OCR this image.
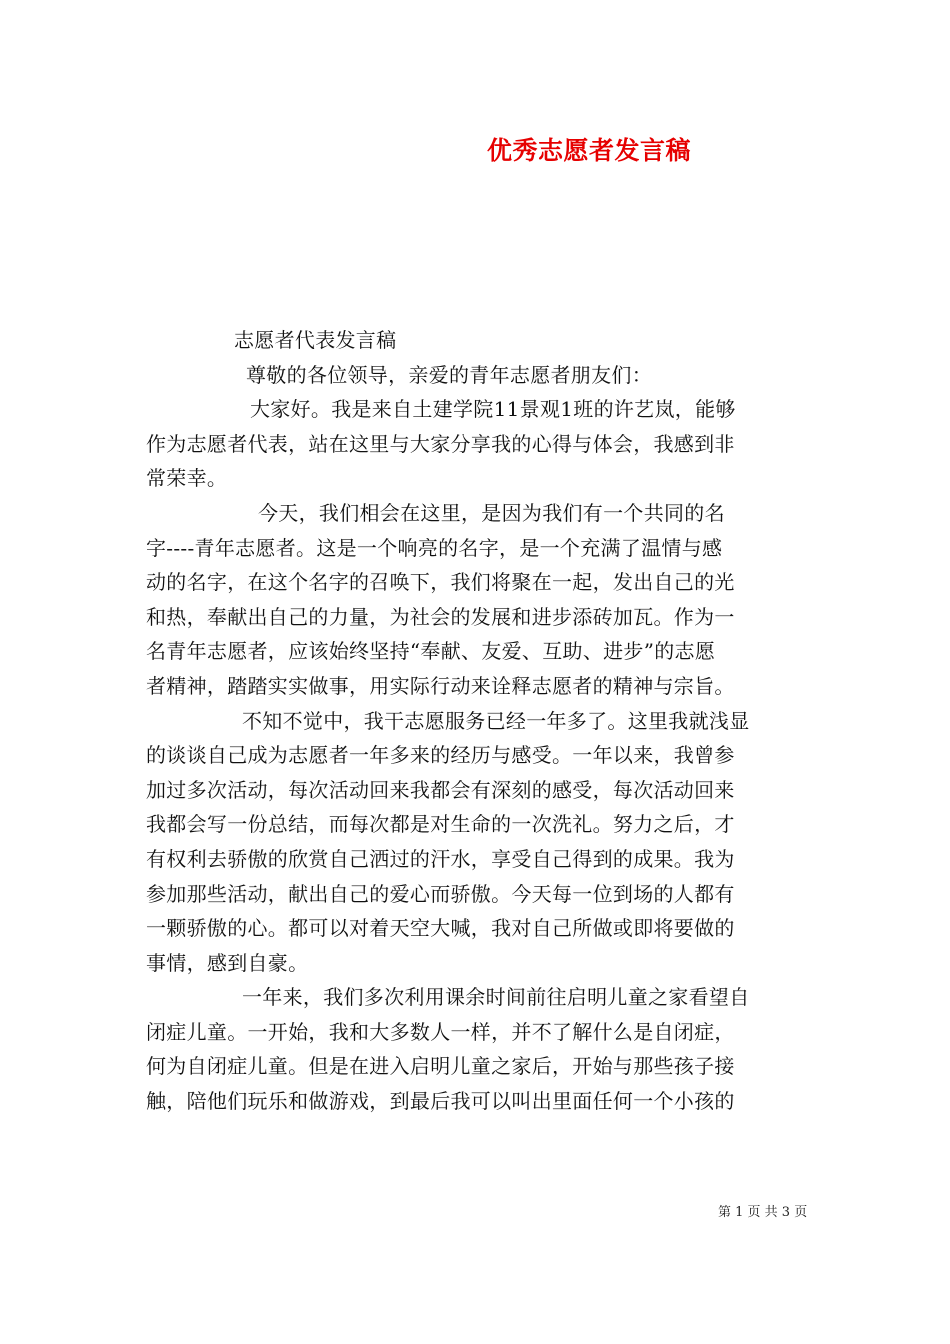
优秀志愿者发言稿
志愿者代表发言稿
尊敬的各位领导，亲爱的青年志愿者朋友们：
大家好。我是来自土建学院11景观1班的许艺岚，能够
作为志愿者代表，站在这里与大家分享我的心得与体会，我感到非
常荣幸。
今天，我们相会在这里，是因为我们有一个共同的名
字----青年志愿者。这是一个响亮的名字，是一个充满了温情与感
动的名字，在这个名字的召唤下，我们将聚在一起，发出自己的光
和热，奉献出自己的力量，为社会的发展和进步添砖加瓦。作为一
名青年志愿者，应该始终坚持“奉献、友爱、互助、进步”的志愿
者精神，踏踏实实做事，用实际行动来诠释志愿者的精神与宗旨。
不知不觉中，我干志愿服务已经一年多了。这里我就浅显
的谈谈自己成为志愿者一年多来的经历与感受。一年以来，我曾参
加过多次活动，每次活动回来我都会有深刻的感受，每次活动回来
我都会写一份总结，而每次都是对生命的一次洗礼。努力之后，才
有权利去骄傲的欣赏自己洒过的汗水，享受自己得到的成果。我为
参加那些活动，献出自己的爱心而骄傲。今天每一位到场的人都有
一颗骄傲的心。都可以对着天空大喊，我对自己所做或即将要做的
事情，感到自豪。
一年来，我们多次利用课余时间前往启明儿童之家看望自
闭症儿童。一开始，我和大多数人一样，并不了解什么是自闭症，
何为自闭症儿童。但是在进入启明儿童之家后，开始与那些孩子接
触，陪他们玩乐和做游戏，到最后我可以叫出里面任何一个小孩的
第 1 页 共 3 页
